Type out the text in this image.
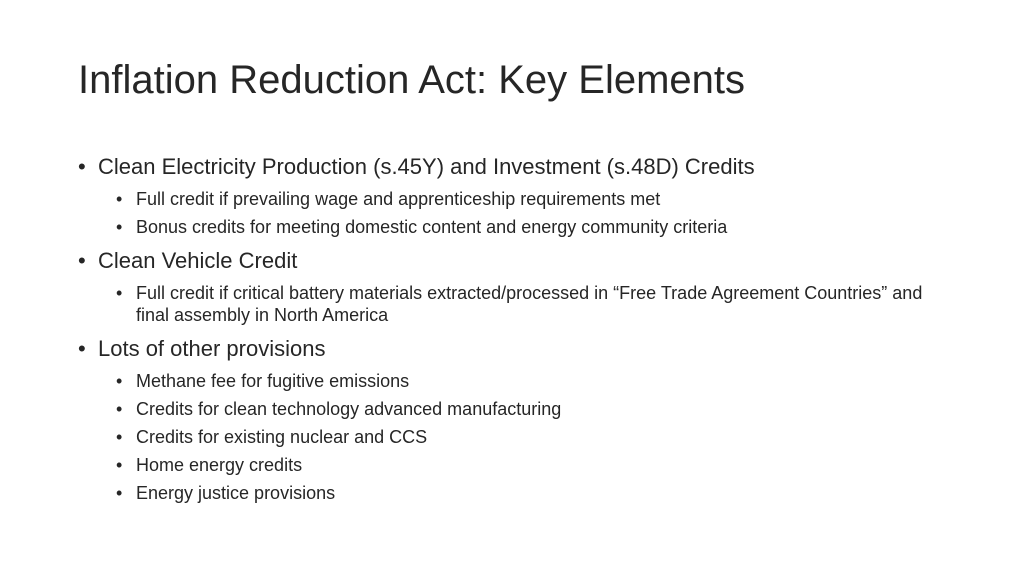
Inflation Reduction Act: Key Elements
• Clean Electricity Production (s.45Y) and Investment (s.48D) Credits
• Full credit if prevailing wage and apprenticeship requirements met
• Bonus credits for meeting domestic content and energy community criteria
• Clean Vehicle Credit
• Full credit if critical battery materials extracted/processed in “Free Trade Agreement Countries” and final assembly in North America
• Lots of other provisions
• Methane fee for fugitive emissions
• Credits for clean technology advanced manufacturing
• Credits for existing nuclear and CCS
• Home energy credits
• Energy justice provisions
